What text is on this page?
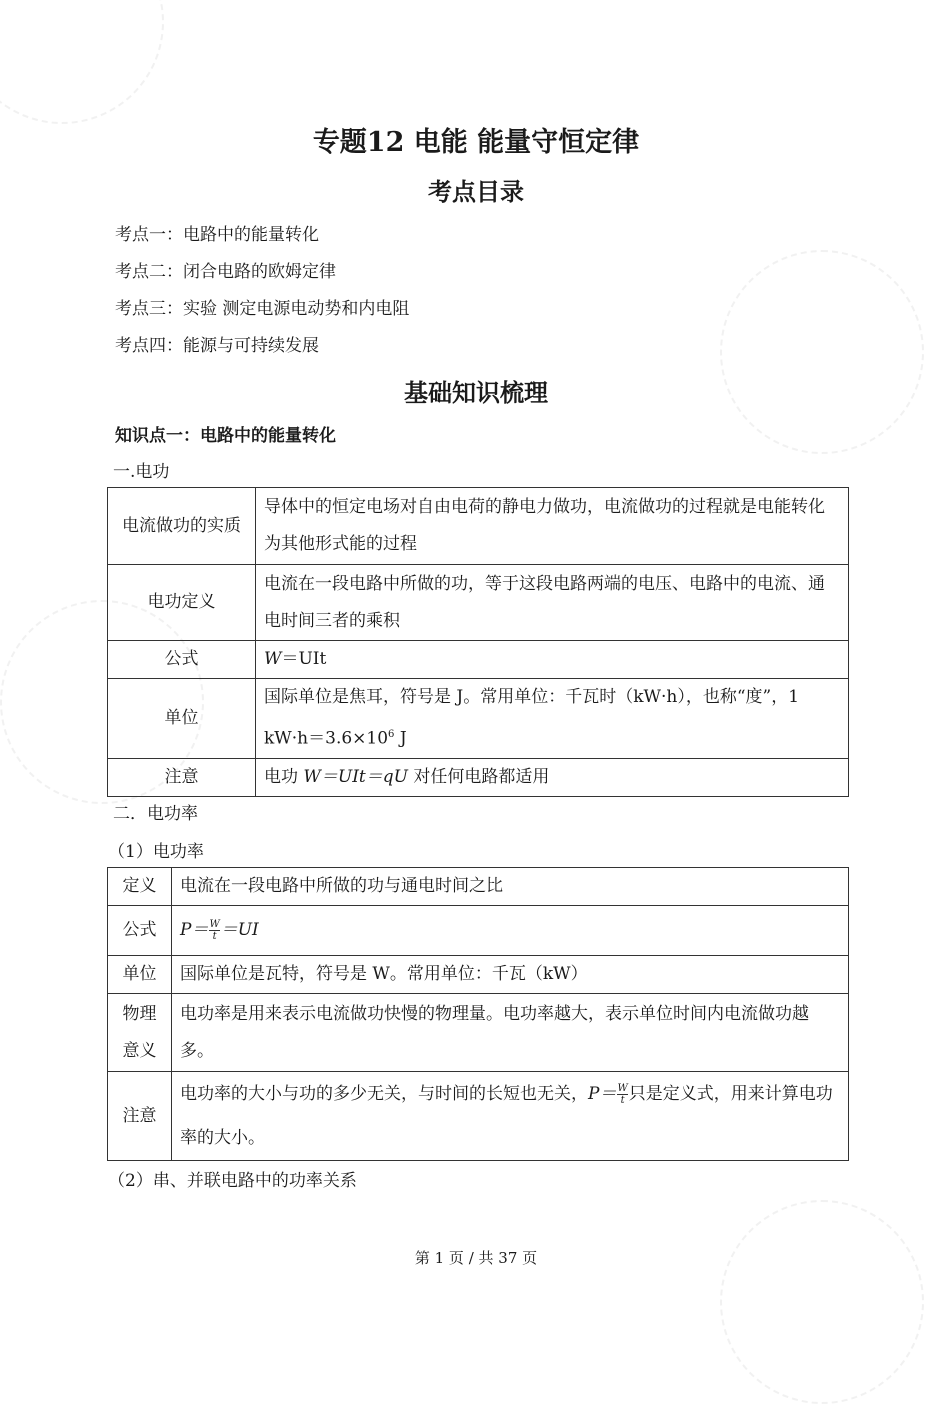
专题12 电能 能量守恒定律
考点目录
考点一：电路中的能量转化
考点二：闭合电路的欧姆定律
考点三：实验 测定电源电动势和内电阻
考点四：能源与可持续发展
基础知识梳理
知识点一：电路中的能量转化
一.电功
电流做功的实质	导体中的恒定电场对自由电荷的静电力做功，电流做功的过程就是电能转化为其他形式能的过程
电功定义	电流在一段电路中所做的功，等于这段电路两端的电压、电路中的电流、通电时间三者的乘积
公式	W＝UIt
单位	国际单位是焦耳，符号是 J。常用单位：千瓦时（kW·h），也称“度”，1 $kW\cdot h=3.6\times 10^6$ J
注意	电功 W＝UIt＝qU 对任何电路都适用
二．电功率
（1）电功率
定义	电流在一段电路中所做的功与通电时间之比
公式	$P= \frac{W}{t} =UI$
单位	国际单位是瓦特，符号是 W。常用单位：千瓦（kW）
物理意义	电功率是用来表示电流做功快慢的物理量。电功率越大，表示单位时间内电流做功越多。
注意	电功率的大小与功的多少无关，与时间的长短也无关，$P= \frac{W}{t}$ 只是定义式，用来计算电功率的大小。
（2）串、并联电路中的功率关系
第 1 页 / 共 37 页
